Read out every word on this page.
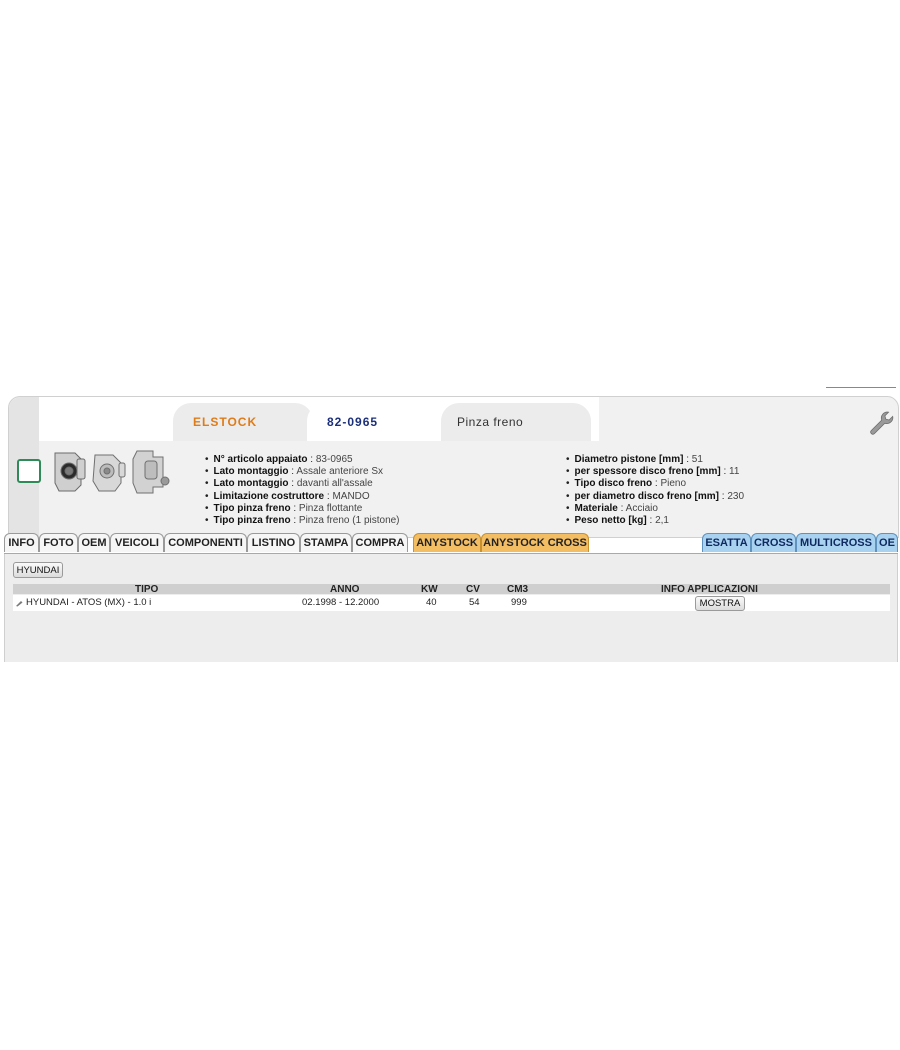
ELSTOCK	82-0965	Pinza freno
• N° articolo appaiato : 83-0965
• Lato montaggio : Assale anteriore Sx
• Lato montaggio : davanti all'assale
• Limitazione costruttore : MANDO
• Tipo pinza freno : Pinza flottante
• Tipo pinza freno : Pinza freno (1 pistone)
• Diametro pistone [mm] : 51
• per spessore disco freno [mm] : 11
• Tipo disco freno : Pieno
• per diametro disco freno [mm] : 230
• Materiale : Acciaio
• Peso netto [kg] : 2,1
INFO FOTO OEM VEICOLI COMPONENTI LISTINO STAMPA COMPRA	ANYSTOCK ANYSTOCK CROSS	ESATTA CROSS MULTICROSS OE
HYUNDAI
TIPO	ANNO	KW	CV	CM3	INFO APPLICAZIONI
HYUNDAI - ATOS (MX) - 1.0 i	02.1998 - 12.2000	40	54	999	MOSTRA
